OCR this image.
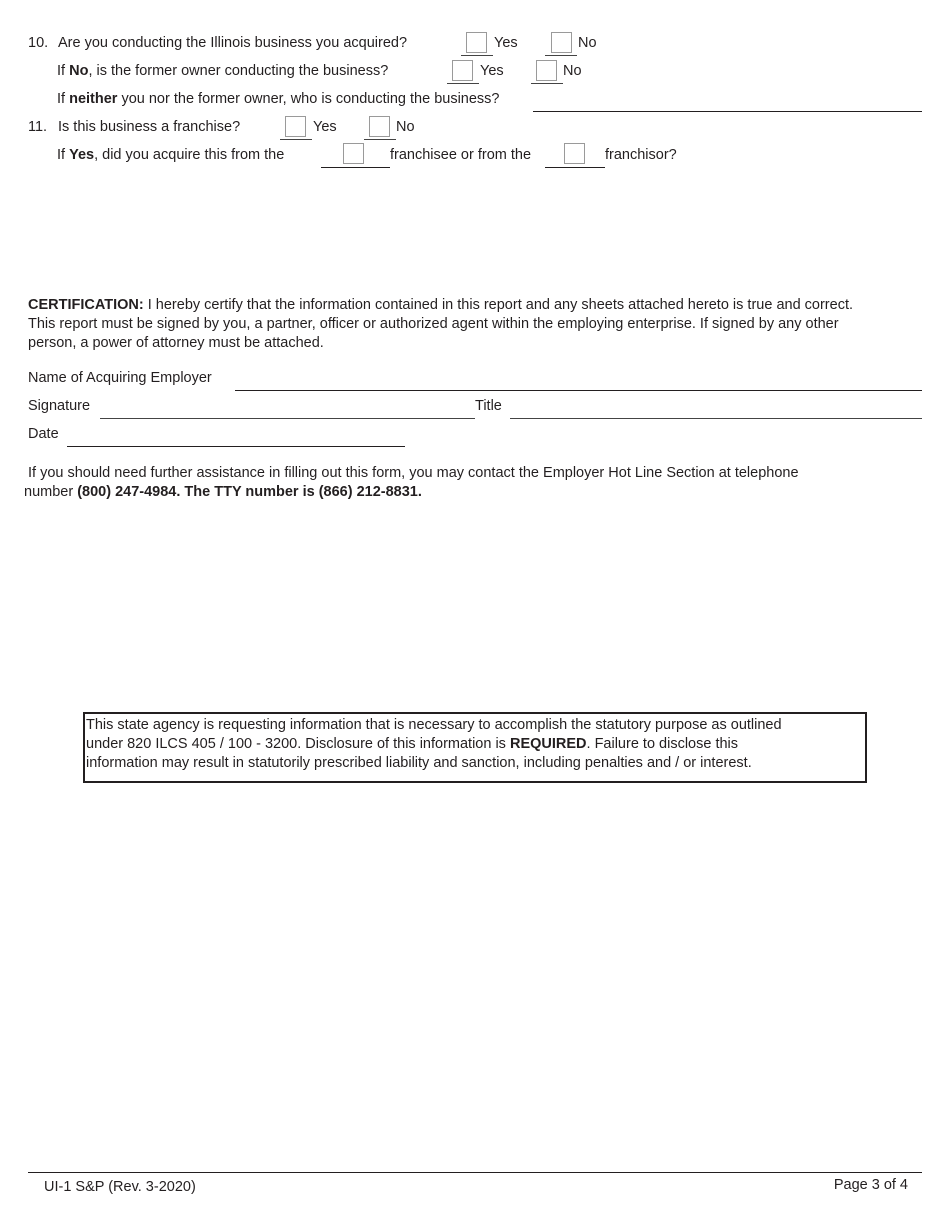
10. Are you conducting the Illinois business you acquired?	Yes	No
If No, is the former owner conducting the business?	Yes	No
If neither you nor the former owner, who is conducting the business?
11. Is this business a franchise?	Yes	No
If Yes, did you acquire this from the	franchisee or from the	franchisor?
CERTIFICATION: I hereby certify that the information contained in this report and any sheets attached hereto is true and correct.
This report must be signed by you, a partner, officer or authorized agent within the employing enterprise. If signed by any other
person, a power of attorney must be attached.
Name of Acquiring Employer
Signature	Title
Date
If you should need further assistance in filling out this form, you may contact the Employer Hot Line Section at telephone
number (800) 247-4984. The TTY number is (866) 212-8831.
This state agency is requesting information that is necessary to accomplish the statutory purpose as outlined
under 820 ILCS 405 / 100 - 3200. Disclosure of this information is REQUIRED. Failure to disclose this
information may result in statutorily prescribed liability and sanction, including penalties and / or interest.
UI-1 S&P (Rev. 3-2020)	Page 3 of 4
